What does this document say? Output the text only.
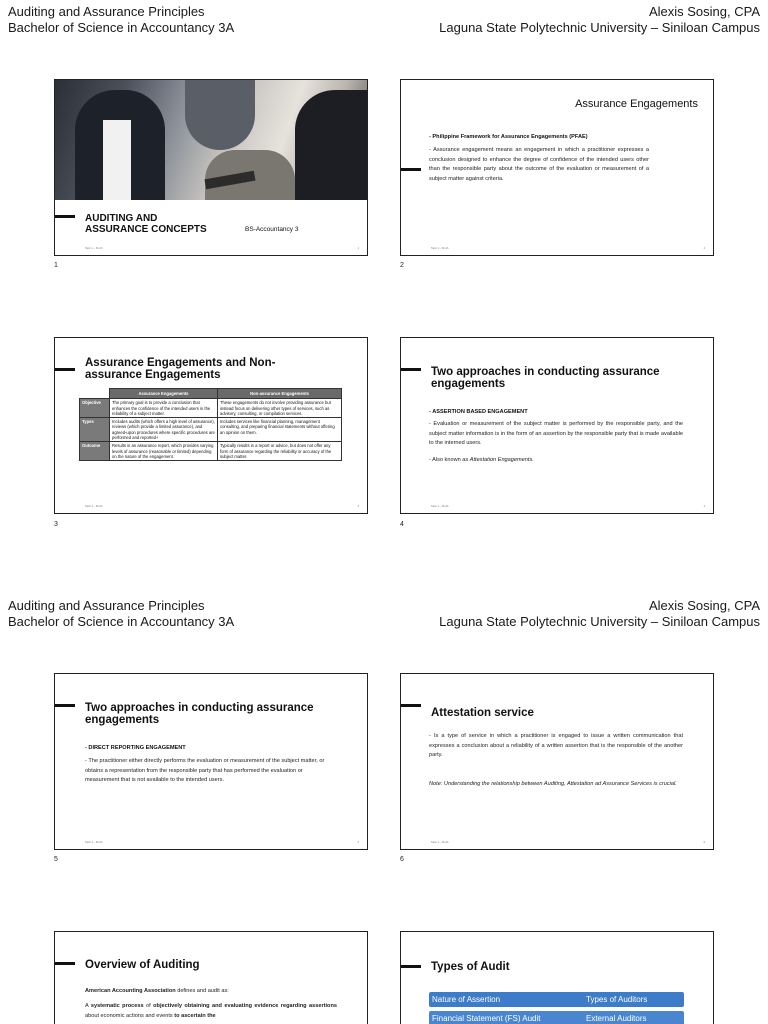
Auditing and Assurance Principles	Alexis Sosing, CPA
Bachelor of Science in Accountancy 3A	Laguna State Polytechnic University – Siniloan Campus
AUDITING AND
ASSURANCE CONCEPTS	BS-Accountancy 3
Topic 1 – Sir Ab	1
1
Assurance Engagements
- Philippine Framework for Assurance Engagements (PFAE)
- Assurance engagement means an engagement in which a practitioner expresses a conclusion designed to enhance the degree of confidence of the intended users other than the responsible party about the outcome of the evaluation or measurement of a subject matter against criteria.
Topic 1 – Sir Ab	2
2
Assurance Engagements and Non-assurance Engagements
	Assurance Engagements	Non-assurance Engagements
Objective	The primary goal is to provide a conclusion that enhances the confidence of the intended users in the reliability of a subject matter.	These engagements do not involve providing assurance but instead focus on delivering other types of services, such as advisory, consulting, or compilation services.
Types	Includes audits (which offers a high level of assurance), reviews (which provide a limited assurance), and agreed-upon procedures where specific procedures are performed and reported+	Includes services like financial planning, management consulting, and preparing financial statements without offering an opinion on them.
Outcome	Results in an assurance report, which provides varying levels of assurance (reasonable or limited) depending on the nature of the engagement.	Typically results in a report or advice, but does not offer any form of assurance regarding the reliability or accuracy of the subject matter.
Topic 1 – Sir Ab	3
3
Two approaches in conducting assurance engagements
- ASSERTION BASED ENGAGEMENT
- Evaluation or measurement of the subject matter is performed by the responsible party, and the subject matter information is in the form of an assertion by the responsible party that is made available to the interned users.
- Also known as Attestation Engagements.
Topic 1 – Sir Ab	4
4
Auditing and Assurance Principles	Alexis Sosing, CPA
Bachelor of Science in Accountancy 3A	Laguna State Polytechnic University – Siniloan Campus
Two approaches in conducting assurance engagements
- DIRECT REPORTING ENGAGEMENT
- The practitioner either directly performs the evaluation or measurement of the subject matter, or obtains a representation from the responsible party that has performed the evaluation or measurement that is not available to the intended users.
Topic 1 – Sir Ab	5
5
Attestation service
- Is a type of service in which a practitioner is engaged to issue a written communication that expresses a conclusion about a reliability of a written assertion that is the responsible of the another party.
Note: Understanding the relationship between Auditing, Attestation ad Assurance Services is crucial.
Topic 1 – Sir Ab	6
6
Overview of Auditing
American Accounting Association defines and audit as:
A systematic process of objectively obtaining and evaluating evidence regarding assertions about economic actions and events to ascertain the
Types of Audit
Nature of Assertion	Types of Auditors
Financial Statement (FS) Audit	External Auditors
